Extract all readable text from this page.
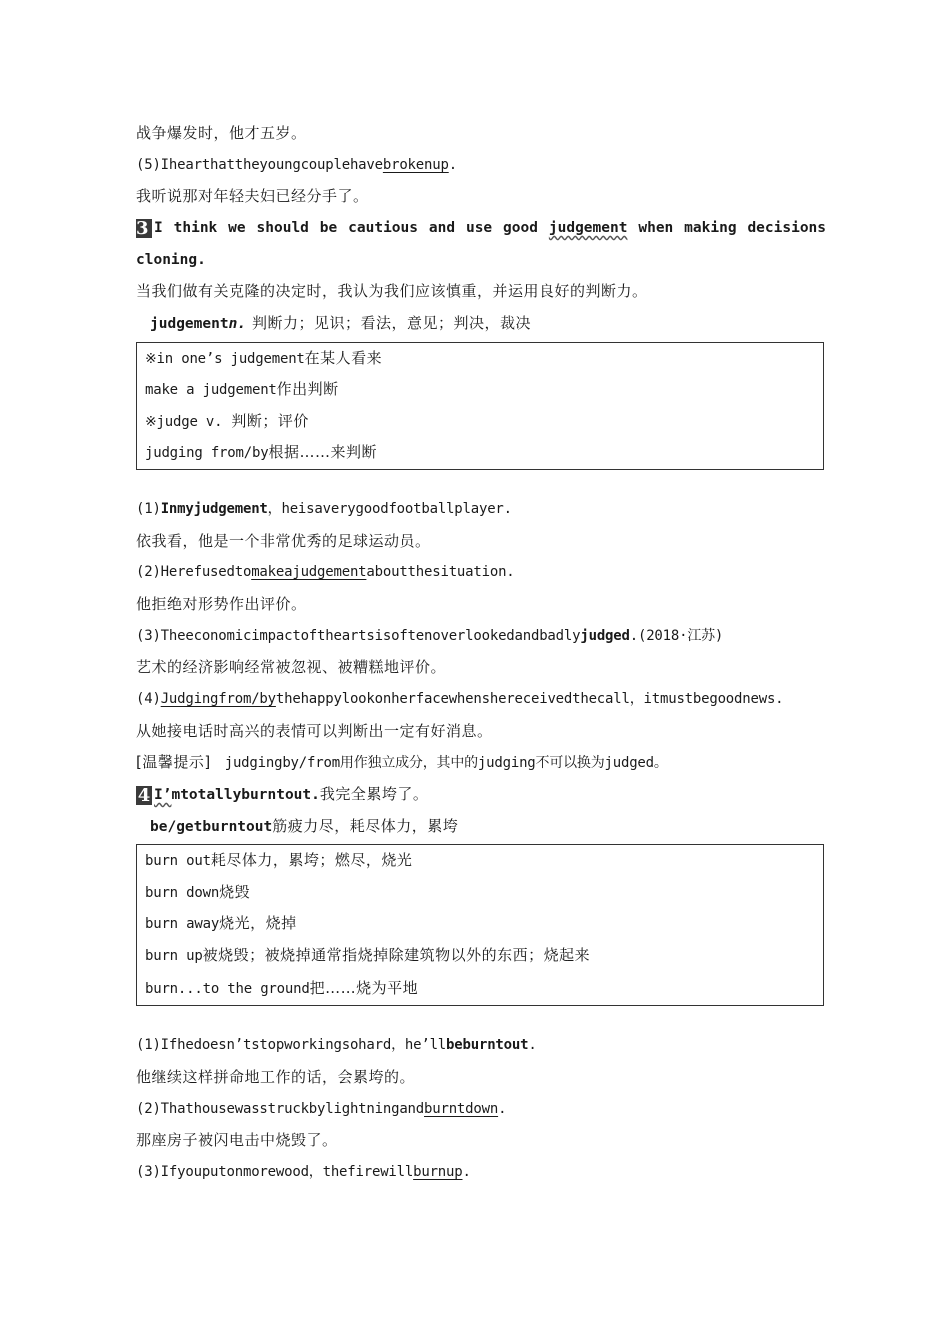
战争爆发时，他才五岁。
(5)Ihearthattheyoungcouplehavebrokenup.
我听说那对年轻夫妇已经分手了。
3 I think we should be cautious and use good judgement when making decisions
cloning.
当我们做有关克隆的决定时，我认为我们应该慎重，并运用良好的判断力。
judgementn. 判断力；见识；看法，意见；判决，裁决
※in one’s judgement在某人看来
make a judgement作出判断
※judge v. 判断；评价
judging from/by根据……来判断
(1)Inmyjudgement，heisaverygoodfootballplayer.
依我看，他是一个非常优秀的足球运动员。
(2)Herefusedtomakeajudgementaboutthesituation.
他拒绝对形势作出评价。
(3)Theeconomicimpactoftheartsisoftenoverlookedandbadlyjudged.(2018·江苏)
艺术的经济影响经常被忽视、被糟糕地评价。
(4)Judgingfrom/bythehappylookonherfacewhenshereceivedthecall，itmustbegoodnews.
从她接电话时高兴的表情可以判断出一定有好消息。
[温馨提示] judgingby/from用作独立成分，其中的judging不可以换为judged。
4 I’mtotallyburntout.我完全累垮了。
be/getburntout筋疲力尽，耗尽体力，累垮
burn out耗尽体力，累垮；燃尽，烧光
burn down烧毁
burn away烧光，烧掉
burn up被烧毁；被烧掉通常指烧掉除建筑物以外的东西；烧起来
burn...to the ground把……烧为平地
(1)Ifhedoesn’tstopworkingsohard，he’llbeburntout.
他继续这样拼命地工作的话，会累垮的。
(2)Thathousewasstruckbylightningandburntdown.
那座房子被闪电击中烧毁了。
(3)Ifyouputonmorewood，thefirewillburnup.
